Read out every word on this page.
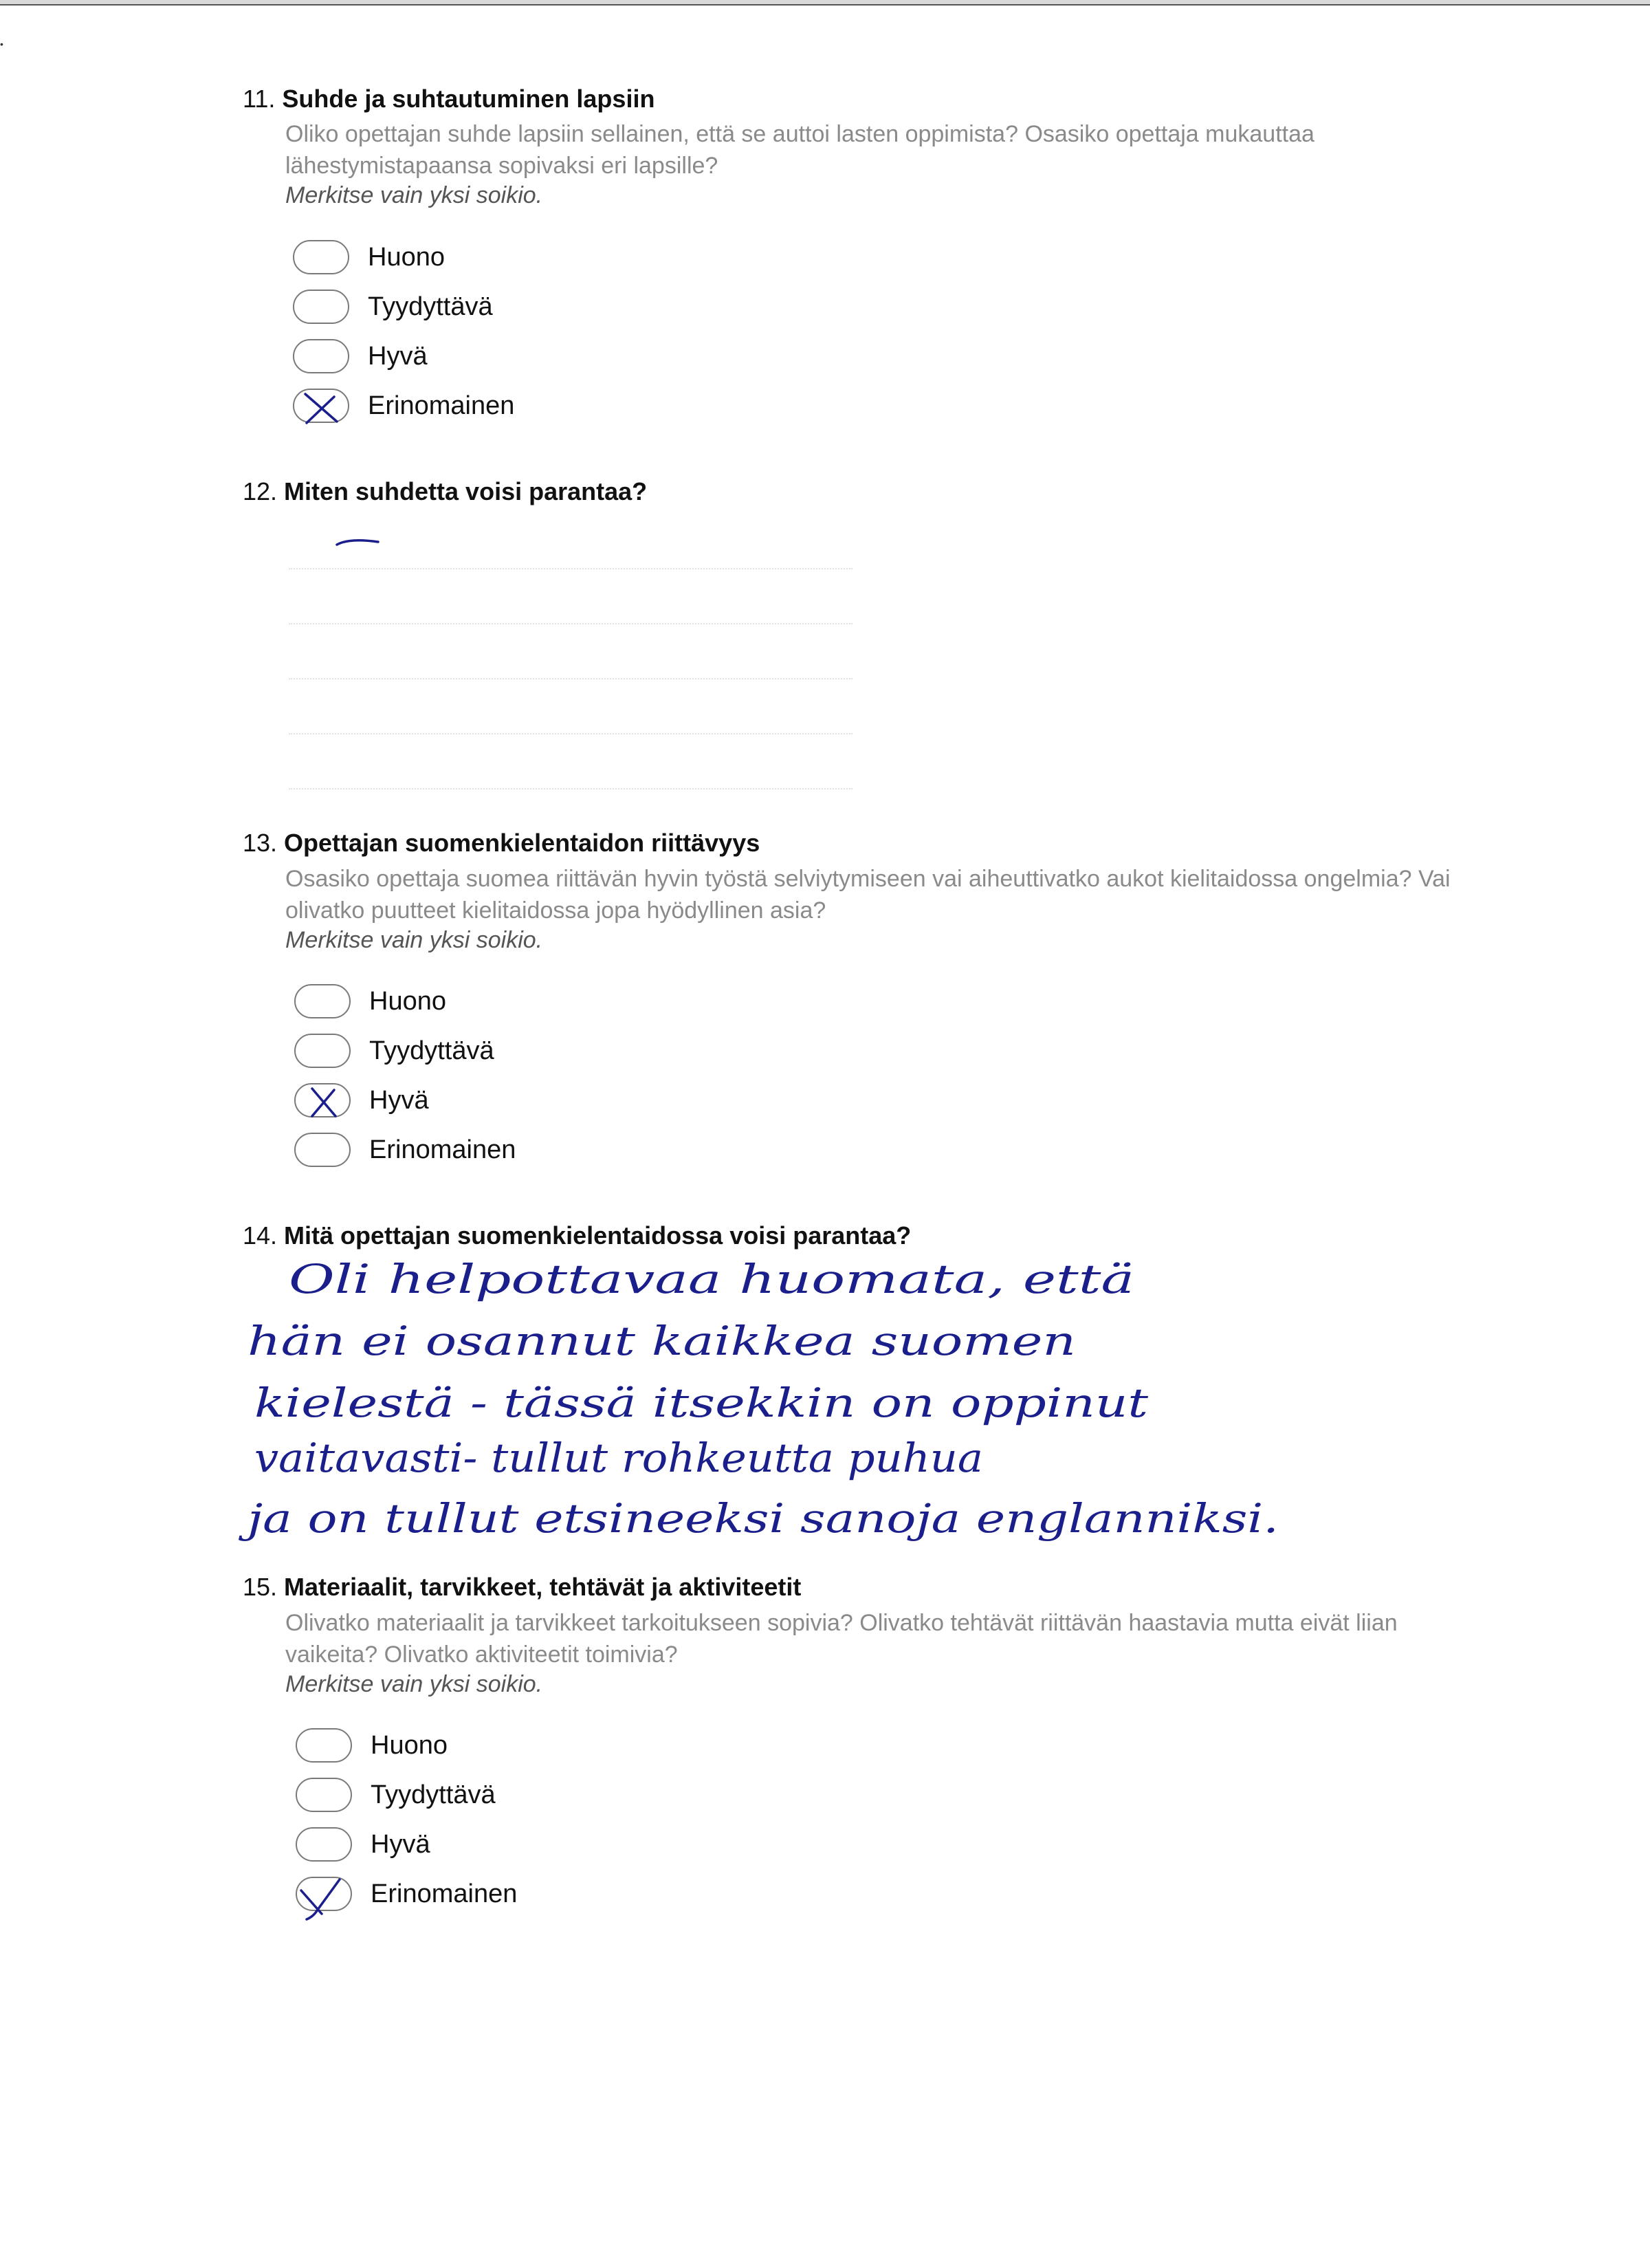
•
11. Suhde ja suhtautuminen lapsiin
Oliko opettajan suhde lapsiin sellainen, että se auttoi lasten oppimista? Osasiko opettaja mukauttaa lähestymistapaansa sopivaksi eri lapsille?
Merkitse vain yksi soikio.
Huono
Tyydyttävä
Hyvä
Erinomainen
12. Miten suhdetta voisi parantaa?
13. Opettajan suomenkielentaidon riittävyys
Osasiko opettaja suomea riittävän hyvin työstä selviytymiseen vai aiheuttivatko aukot kielitaidossa ongelmia? Vai olivatko puutteet kielitaidossa jopa hyödyllinen asia?
Merkitse vain yksi soikio.
Huono
Tyydyttävä
Hyvä
Erinomainen
14. Mitä opettajan suomenkielentaidossa voisi parantaa?
Oli helpottavaa huomata, että
hän ei osannut kaikkea suomen
kielestä - tässä itsekkin on oppinut
vaitavasti- tullut rohkeutta puhua
ja on tullut etsineeksi sanoja englanniksi.
15. Materiaalit, tarvikkeet, tehtävät ja aktiviteetit
Olivatko materiaalit ja tarvikkeet tarkoitukseen sopivia? Olivatko tehtävät riittävän haastavia mutta eivät liian vaikeita? Olivatko aktiviteetit toimivia?
Merkitse vain yksi soikio.
Huono
Tyydyttävä
Hyvä
Erinomainen
